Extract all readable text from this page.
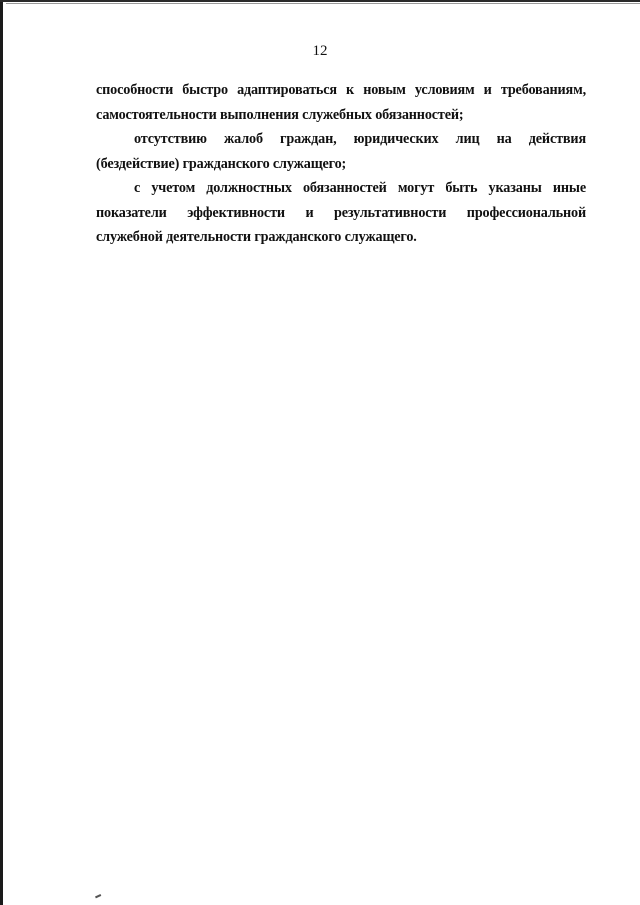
12

способности быстро адаптироваться к новым условиям и требованиям, самостоятельности выполнения служебных обязанностей;

отсутствию жалоб граждан, юридических лиц на действия (бездействие) гражданского служащего;

с учетом должностных обязанностей могут быть указаны иные показатели эффективности и результативности профессиональной служебной деятельности гражданского служащего.
